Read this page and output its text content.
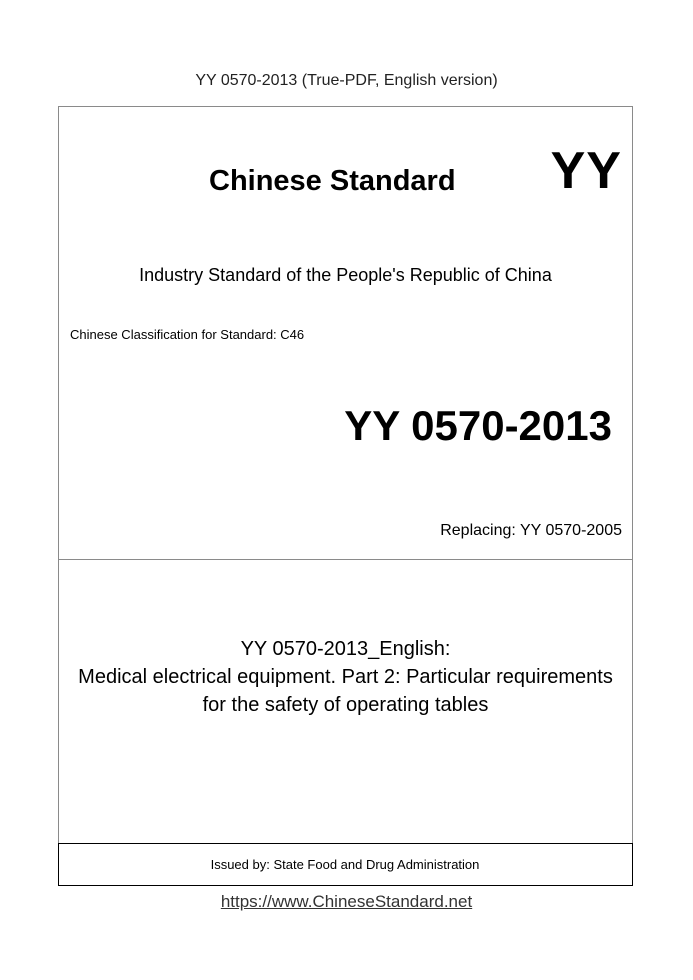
YY 0570-2013 (True-PDF, English version)
Chinese Standard YY
Industry Standard of the People's Republic of China
Chinese Classification for Standard: C46
YY 0570-2013
Replacing: YY 0570-2005
YY 0570-2013_English:
Medical electrical equipment. Part 2: Particular requirements
for the safety of operating tables
Issued by: State Food and Drug Administration
https://www.ChineseStandard.net
